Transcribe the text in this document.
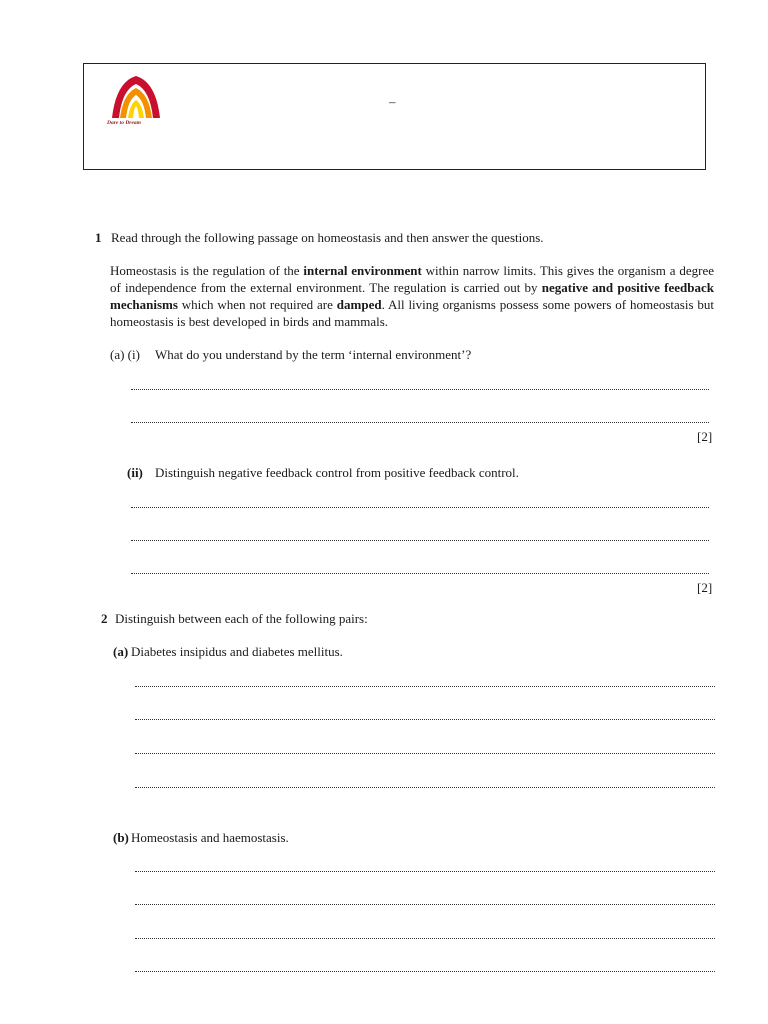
Dare to Dream
–
1 Read through the following passage on homeostasis and then answer the questions.
Homeostasis is the regulation of the internal environment within narrow limits. This gives the organism a degree of independence from the external environment. The regulation is carried out by negative and positive feedback mechanisms which when not required are damped. All living organisms possess some powers of homeostasis but homeostasis is best developed in birds and mammals.
(a) (i) What do you understand by the term ‘internal environment’?
[2]
(ii) Distinguish negative feedback control from positive feedback control.
[2]
2 Distinguish between each of the following pairs:
(a) Diabetes insipidus and diabetes mellitus.
(b) Homeostasis and haemostasis.
